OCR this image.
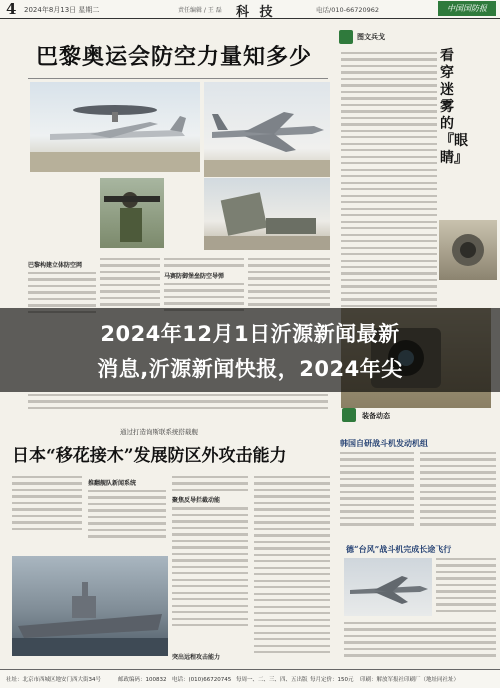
4 2024年8月13日 星期二	责任编辑 / 王 磊 科 技	电话/010-66720962	中国国防报
巴黎奥运会防空力量知多少
巴黎构建立体防空网
马赛防御堡垒防空导弹
图文兵戈
看穿迷雾的『眼睛』
通过打造询斯联系统搭载舰
日本“移花接木”发展防区外攻击能力
推翻舰队新闻系统
聚焦反导拦截动能
突出远程攻击能力
装备动态
韩国自研战斗机发动机组
德“台风”战斗机完成长途飞行
2024年12月1日沂源新闻最新
消息,沂源新闻快报，2024年尖
社址：北京市西城区地安门西大街34号	邮政编码：100832 电话：(010)66720745 每周一、二、三、四、五出版 每月定价：150元 印刷：解放军报社印刷厂（地址同社址）
